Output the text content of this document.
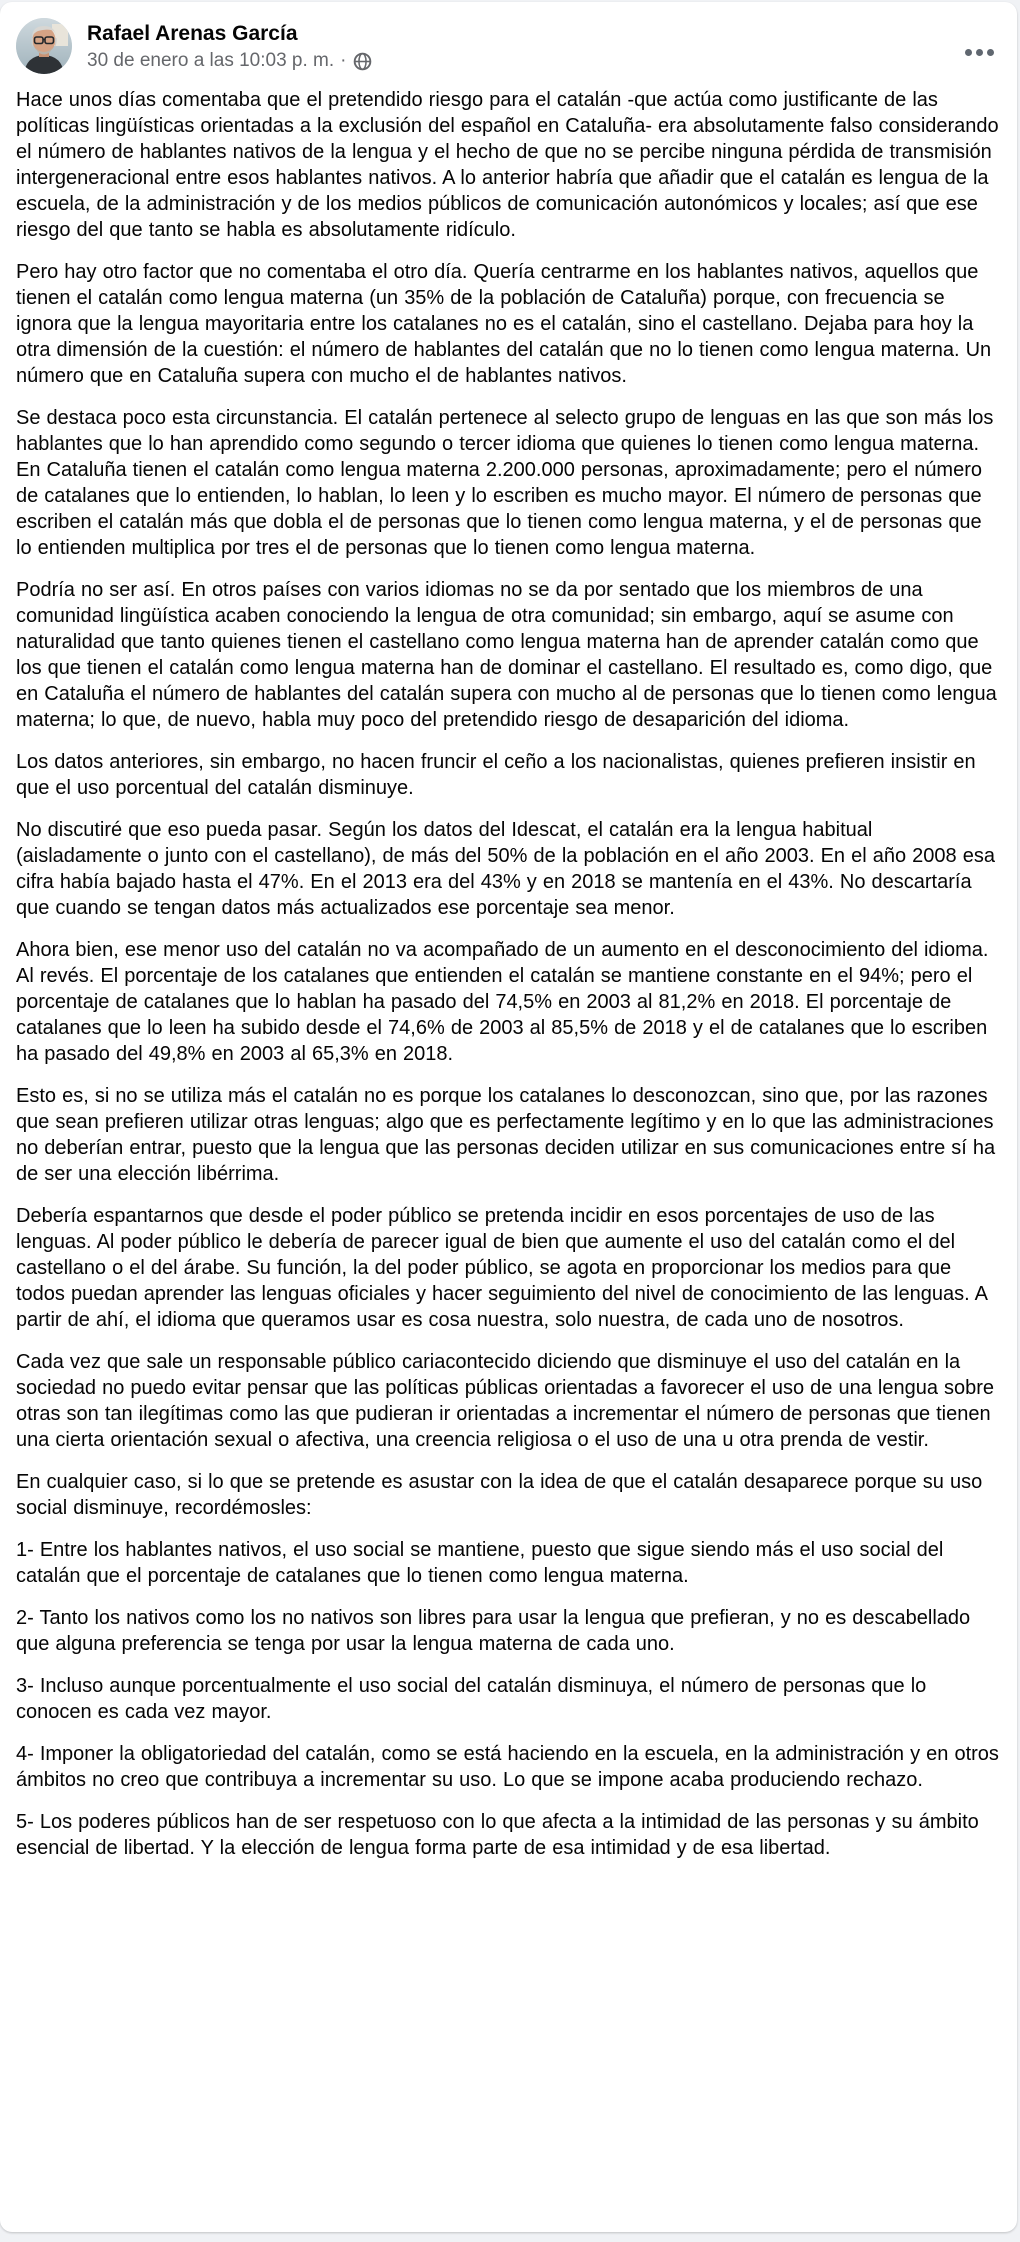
Rafael Arenas García
30 de enero a las 10:03 p. m. ·

Hace unos días comentaba que el pretendido riesgo para el catalán -que actúa como justificante de las políticas lingüísticas orientadas a la exclusión del español en Cataluña- era absolutamente falso considerando el número de hablantes nativos de la lengua y el hecho de que no se percibe ninguna pérdida de transmisión intergeneracional entre esos hablantes nativos. A lo anterior habría que añadir que el catalán es lengua de la escuela, de la administración y de los medios públicos de comunicación autonómicos y locales; así que ese riesgo del que tanto se habla es absolutamente ridículo.

Pero hay otro factor que no comentaba el otro día. Quería centrarme en los hablantes nativos, aquellos que tienen el catalán como lengua materna (un 35% de la población de Cataluña) porque, con frecuencia se ignora que la lengua mayoritaria entre los catalanes no es el catalán, sino el castellano. Dejaba para hoy la otra dimensión de la cuestión: el número de hablantes del catalán que no lo tienen como lengua materna. Un número que en Cataluña supera con mucho el de hablantes nativos.

Se destaca poco esta circunstancia. El catalán pertenece al selecto grupo de lenguas en las que son más los hablantes que lo han aprendido como segundo o tercer idioma que quienes lo tienen como lengua materna. En Cataluña tienen el catalán como lengua materna 2.200.000 personas, aproximadamente; pero el número de catalanes que lo entienden, lo hablan, lo leen y lo escriben es mucho mayor. El número de personas que escriben el catalán más que dobla el de personas que lo tienen como lengua materna, y el de personas que lo entienden multiplica por tres el de personas que lo tienen como lengua materna.

Podría no ser así. En otros países con varios idiomas no se da por sentado que los miembros de una comunidad lingüística acaben conociendo la lengua de otra comunidad; sin embargo, aquí se asume con naturalidad que tanto quienes tienen el castellano como lengua materna han de aprender catalán como que los que tienen el catalán como lengua materna han de dominar el castellano. El resultado es, como digo, que en Cataluña el número de hablantes del catalán supera con mucho al de personas que lo tienen como lengua materna; lo que, de nuevo, habla muy poco del pretendido riesgo de desaparición del idioma.

Los datos anteriores, sin embargo, no hacen fruncir el ceño a los nacionalistas, quienes prefieren insistir en que el uso porcentual del catalán disminuye.

No discutiré que eso pueda pasar. Según los datos del Idescat, el catalán era la lengua habitual (aisladamente o junto con el castellano), de más del 50% de la población en el año 2003. En el año 2008 esa cifra había bajado hasta el 47%. En el 2013 era del 43% y en 2018 se mantenía en el 43%. No descartaría que cuando se tengan datos más actualizados ese porcentaje sea menor.

Ahora bien, ese menor uso del catalán no va acompañado de un aumento en el desconocimiento del idioma. Al revés. El porcentaje de los catalanes que entienden el catalán se mantiene constante en el 94%; pero el porcentaje de catalanes que lo hablan ha pasado del 74,5% en 2003 al 81,2% en 2018. El porcentaje de catalanes que lo leen ha subido desde el 74,6% de 2003 al 85,5% de 2018 y el de catalanes que lo escriben ha pasado del 49,8% en 2003 al 65,3% en 2018.

Esto es, si no se utiliza más el catalán no es porque los catalanes lo desconozcan, sino que, por las razones que sean prefieren utilizar otras lenguas; algo que es perfectamente legítimo y en lo que las administraciones no deberían entrar, puesto que la lengua que las personas deciden utilizar en sus comunicaciones entre sí ha de ser una elección libérrima.

Debería espantarnos que desde el poder público se pretenda incidir en esos porcentajes de uso de las lenguas. Al poder público le debería de parecer igual de bien que aumente el uso del catalán como el del castellano o el del árabe. Su función, la del poder público, se agota en proporcionar los medios para que todos puedan aprender las lenguas oficiales y hacer seguimiento del nivel de conocimiento de las lenguas. A partir de ahí, el idioma que queramos usar es cosa nuestra, solo nuestra, de cada uno de nosotros.

Cada vez que sale un responsable público cariacontecido diciendo que disminuye el uso del catalán en la sociedad no puedo evitar pensar que las políticas públicas orientadas a favorecer el uso de una lengua sobre otras son tan ilegítimas como las que pudieran ir orientadas a incrementar el número de personas que tienen una cierta orientación sexual o afectiva, una creencia religiosa o el uso de una u otra prenda de vestir.

En cualquier caso, si lo que se pretende es asustar con la idea de que el catalán desaparece porque su uso social disminuye, recordémosles:

1- Entre los hablantes nativos, el uso social se mantiene, puesto que sigue siendo más el uso social del catalán que el porcentaje de catalanes que lo tienen como lengua materna.

2- Tanto los nativos como los no nativos son libres para usar la lengua que prefieran, y no es descabellado que alguna preferencia se tenga por usar la lengua materna de cada uno.

3- Incluso aunque porcentualmente el uso social del catalán disminuya, el número de personas que lo conocen es cada vez mayor.

4- Imponer la obligatoriedad del catalán, como se está haciendo en la escuela, en la administración y en otros ámbitos no creo que contribuya a incrementar su uso. Lo que se impone acaba produciendo rechazo.

5- Los poderes públicos han de ser respetuoso con lo que afecta a la intimidad de las personas y su ámbito esencial de libertad. Y la elección de lengua forma parte de esa intimidad y de esa libertad.
